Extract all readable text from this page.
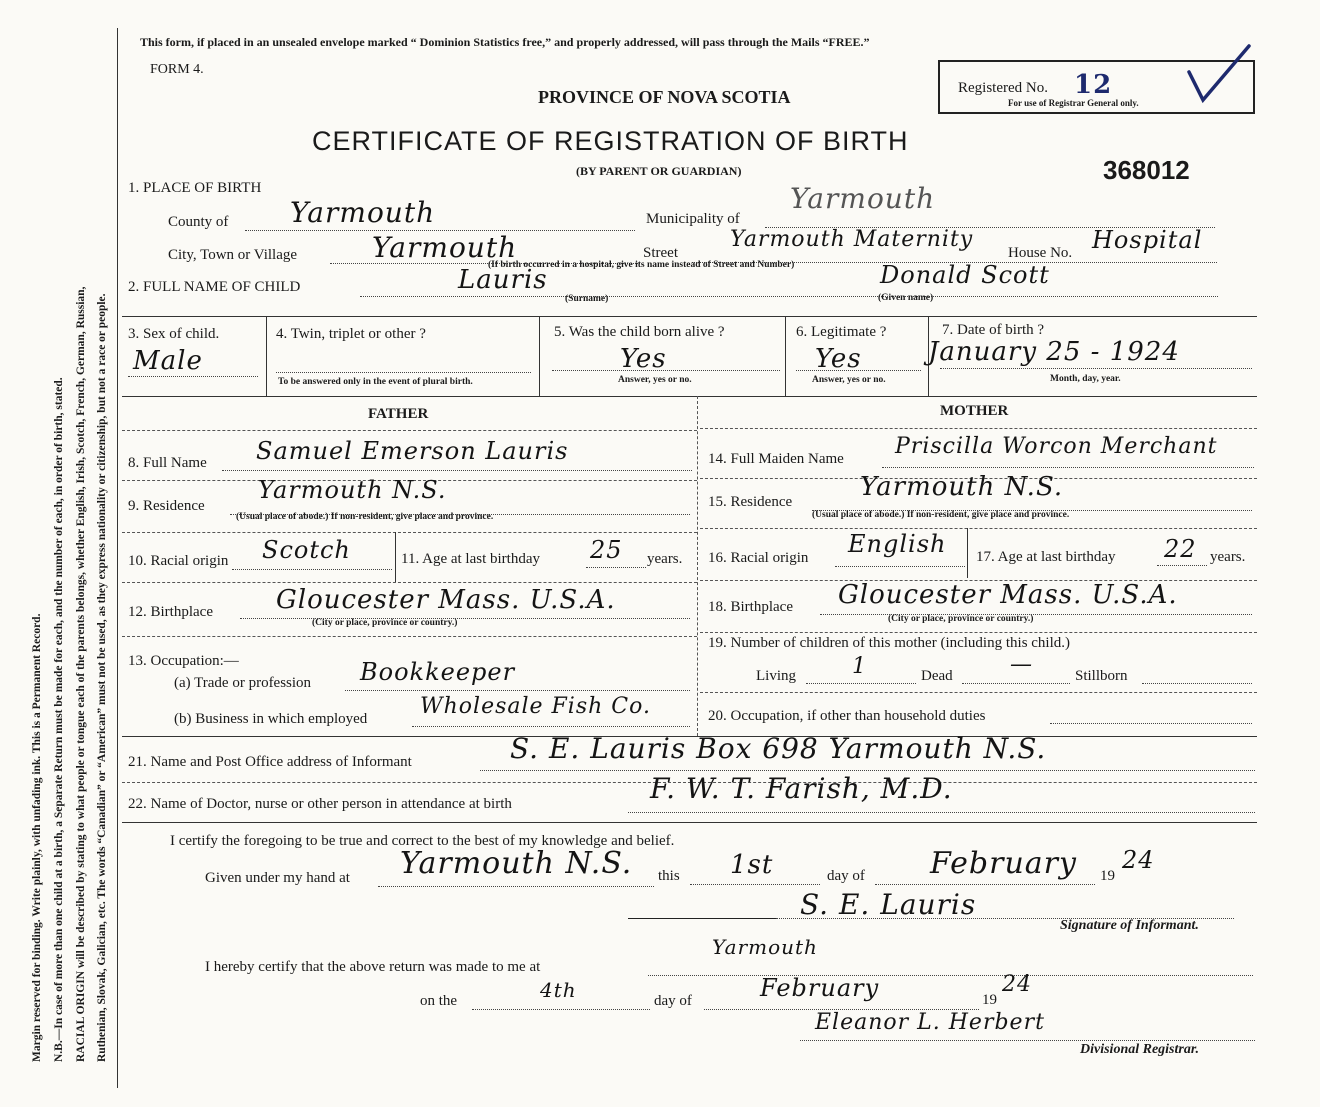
Margin reserved for binding. Write plainly, with unfading ink. This is a Permanent Record. N.B.—In case of more than one child at a birth, a Separate Return must be made for each, and the number of each, in order of birth, stated. RACIAL ORIGIN will be described by stating to what people or tongue each of the parents belongs, whether English, Irish, Scotch, French, German, Russian, Ruthenian, Slovak, Galician, etc. The words “Canadian” or “American” must not be used, as they express nationality or citizenship, but not a race or people.
This form, if placed in an unsealed envelope marked “ Dominion Statistics free,” and properly addressed, will pass through the Mails “FREE.”
FORM 4.
PROVINCE OF NOVA SCOTIA	Registered No. 12
For use of Registrar General only.
CERTIFICATE OF REGISTRATION OF BIRTH
(BY PARENT OR GUARDIAN)	368012
1. PLACE OF BIRTH
County of Yarmouth	Municipality of
Yarmouth
City, Town or Village	Yarmouth	Street
Yarmouth Maternity
House No. Hospital
(If birth occurred in a hospital, give its name instead of Street and Number)
2. FULL NAME OF CHILD	Lauris	Donald Scott
(Surname)	(Given name)
3. Sex of child.
Male
4. Twin, triplet or other ?
To be answered only in the event of plural birth.
5. Was the child born alive ?
Yes
Answer, yes or no.
6. Legitimate ?
Yes
Answer, yes or no.
7. Date of birth ?
January 25 - 1924
Month, day, year.
FATHER	MOTHER
8. Full Name Samuel Emerson Lauris
9. Residence
Yarmouth N.S.
(Usual place of abode.) If non-resident, give place and province.
10. Racial origin Scotch	11. Age at last birthday 25 years.
12. Birthplace Gloucester Mass. U.S.A.
(City or place, province or country.)
13. Occupation:—
(a) Trade or profession Bookkeeper
(b) Business in which employed Wholesale Fish Co.
14. Full Maiden Name Priscilla Worcon Merchant
15. Residence	Yarmouth N.S.
(Usual place of abode.) If non-resident, give place and province.
16. Racial origin English 17. Age at last birthday 22 years.
18. Birthplace Gloucester Mass. U.S.A.
(City or place, province or country.)
19. Number of children of this mother (including this child.)
Living	1	Dead	—	Stillborn
20. Occupation, if other than household duties
21. Name and Post Office address of Informant	S. E. Lauris Box 698 Yarmouth N.S.
22. Name of Doctor, nurse or other person in attendance at birth	F. W. T. Farish, M.D.
I certify the foregoing to be true and correct to the best of my knowledge and belief.
Given under my hand at Yarmouth N.S. this 1st	day of February 19
24
S. E. Lauris
Signature of Informant.
I hereby certify that the above return was made to me at
Yarmouth
on the	4th	day of	February	19
24
Eleanor L. Herbert
Divisional Registrar.
